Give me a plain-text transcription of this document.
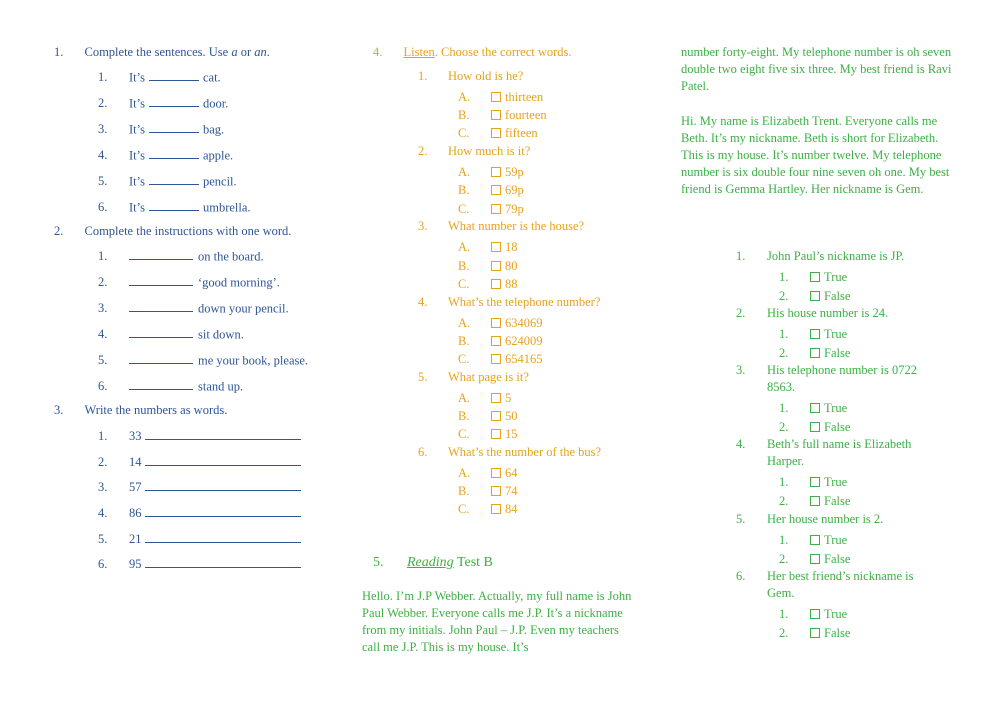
1. Complete the sentences. Use a or an.
1. It’s	cat.
2. It’s	door.
3. It’s	bag.
4. It’s	apple.
5. It’s	pencil.
6. It’s	umbrella.
2. Complete the instructions with one word.
1.	on the board.
2.	‘good morning’.
3.	down your pencil.
4.	sit down.
5.	me your book, please.
6.	stand up.
3. Write the numbers as words.
1. 33
2. 14
3. 57
4. 86
5. 21
6. 95
4. Listen. Choose the correct words.
1. How old is he?
A.	thirteen
B.	fourteen
C.	fifteen
2. How much is it?
A.	59p
B.	69p
C.	79p
3. What number is the house?
A.	18
B.	80
C.	88
4. What’s the telephone number?
A.	634069
B.	624009
C.	654165
5. What page is it?
A.	5
B.	50
C.	15
6. What’s the number of the bus?
A.	64
B.	74
C.	84
5. Reading Test B
Hello. I’m J.P Webber. Actually, my full name is John Paul Webber. Everyone calls me J.P. It’s a nickname from my initials. John Paul – J.P. Even my teachers call me J.P. This is my house. It’s
number forty-eight. My telephone number is oh seven double two eight five six three. My best friend is Ravi Patel.
Hi. My name is Elizabeth Trent. Everyone calls me Beth. It’s my nickname. Beth is short for Elizabeth. This is my house. It’s number twelve. My telephone number is six double four nine seven oh one. My best friend is Gemma Hartley. Her nickname is Gem.
1. John Paul’s nickname is JP.
1.	True
2.	False
2. His house number is 24.
1.	True
2.	False
3. His telephone number is 0722 8563.
1.	True
2.	False
4. Beth’s full name is Elizabeth Harper.
1.	True
2.	False
5. Her house number is 2.
1.	True
2.	False
6. Her best friend’s nickname is Gem.
1.	True
2.	False
